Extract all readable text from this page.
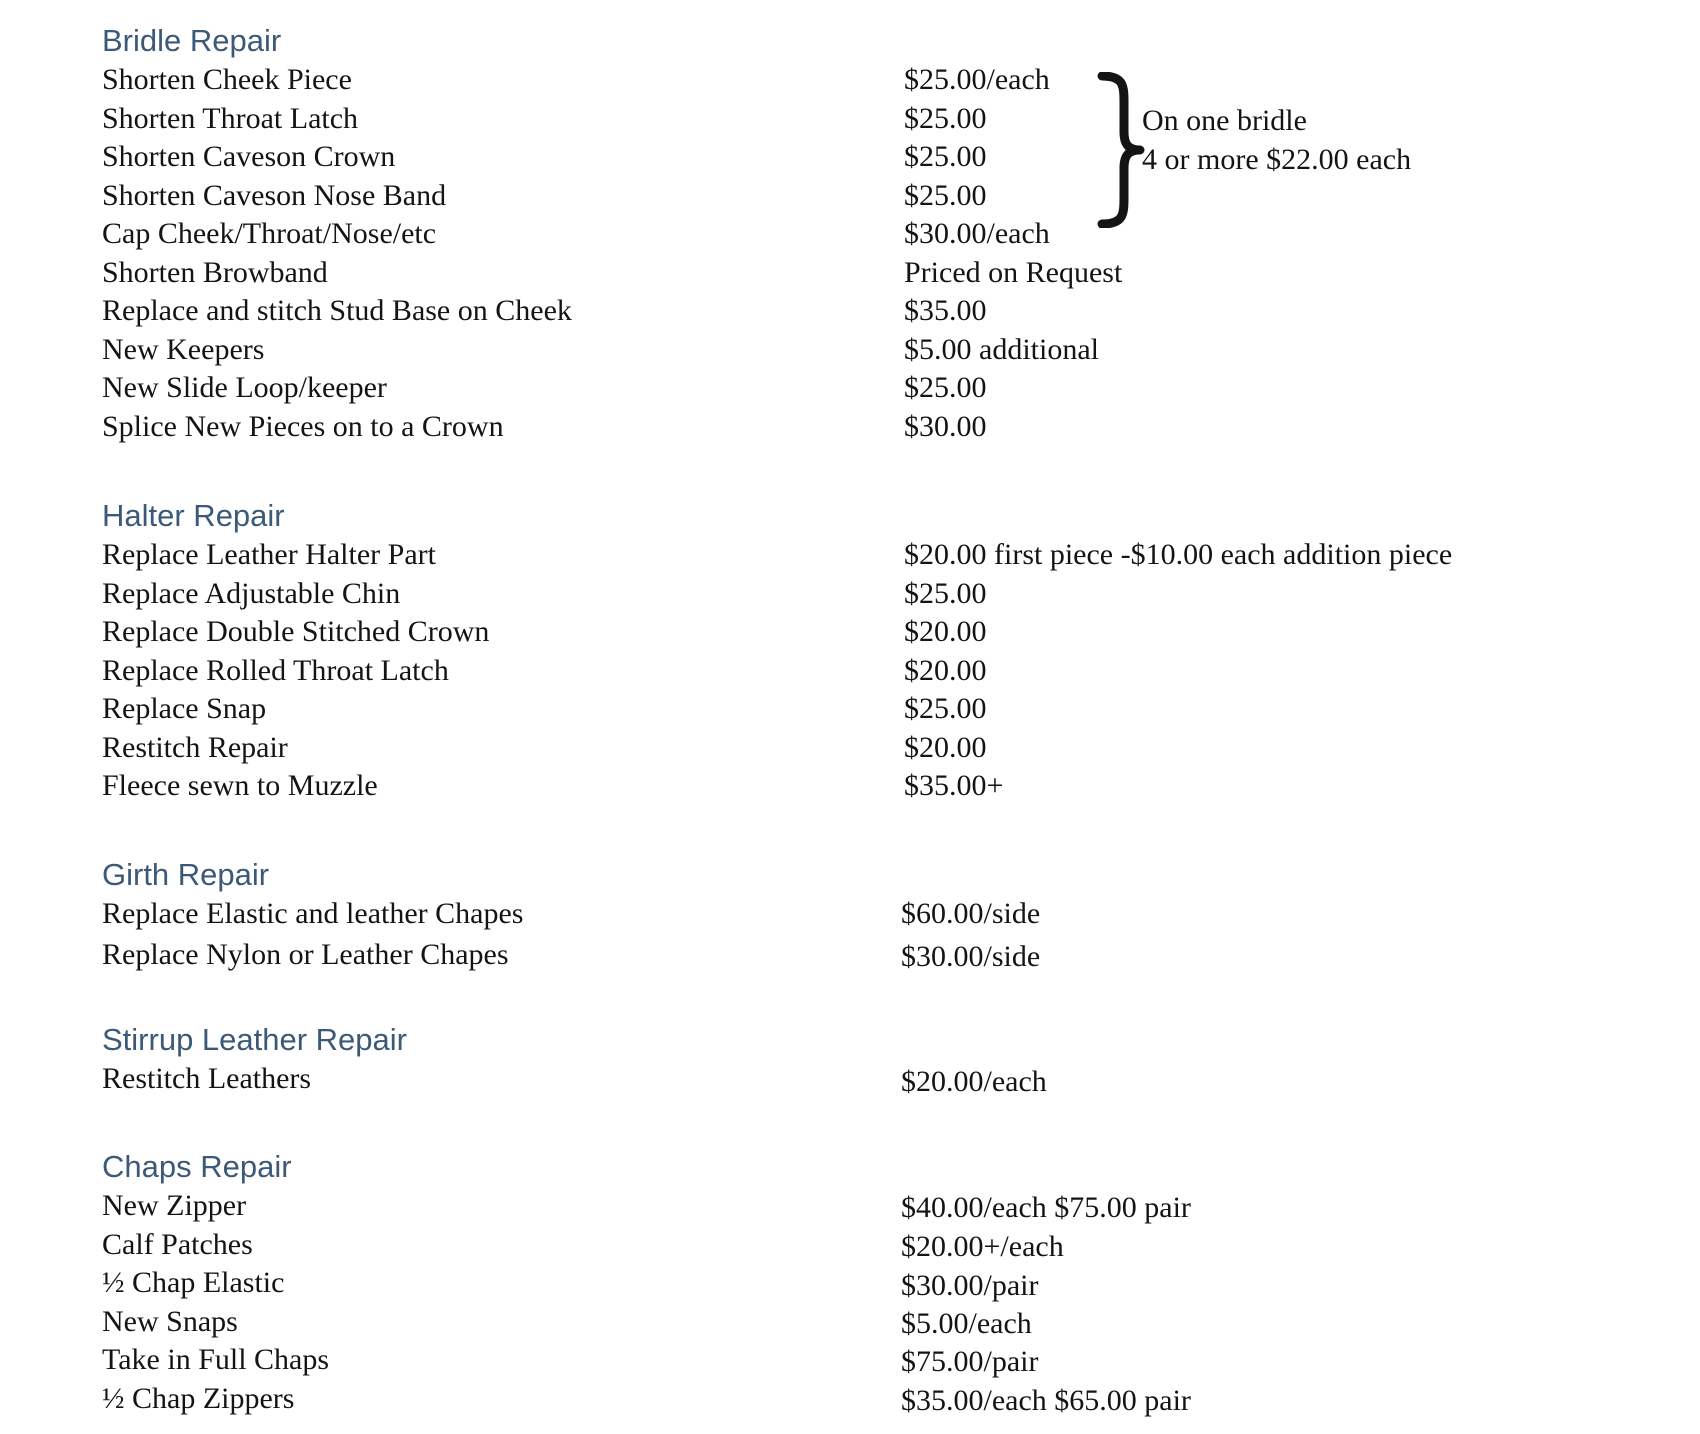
Bridle Repair
Shorten Cheek Piece	$25.00/each
Shorten Throat Latch	$25.00
Shorten Caveson Crown	$25.00
Shorten Caveson Nose Band	$25.00
Cap Cheek/Throat/Nose/etc	$30.00/each
Shorten Browband	Priced on Request
Replace and stitch Stud Base on Cheek	$35.00
New Keepers	$5.00 additional
New Slide Loop/keeper	$25.00
Splice New Pieces on to a Crown	$30.00
On one bridle
4 or more $22.00 each
Halter Repair
Replace Leather Halter Part	$20.00 first piece -$10.00 each addition piece
Replace Adjustable Chin	$25.00
Replace Double Stitched Crown	$20.00
Replace Rolled Throat Latch	$20.00
Replace Snap	$25.00
Restitch Repair	$20.00
Fleece sewn to Muzzle	$35.00+
Girth Repair
Replace Elastic and leather Chapes	$60.00/side
Replace Nylon or Leather Chapes	$30.00/side
Stirrup Leather Repair
Restitch Leathers	$20.00/each
Chaps Repair
New Zipper	$40.00/each $75.00 pair
Calf Patches	$20.00+/each
½ Chap Elastic	$30.00/pair
New Snaps	$5.00/each
Take in Full Chaps	$75.00/pair
½ Chap Zippers	$35.00/each $65.00 pair
